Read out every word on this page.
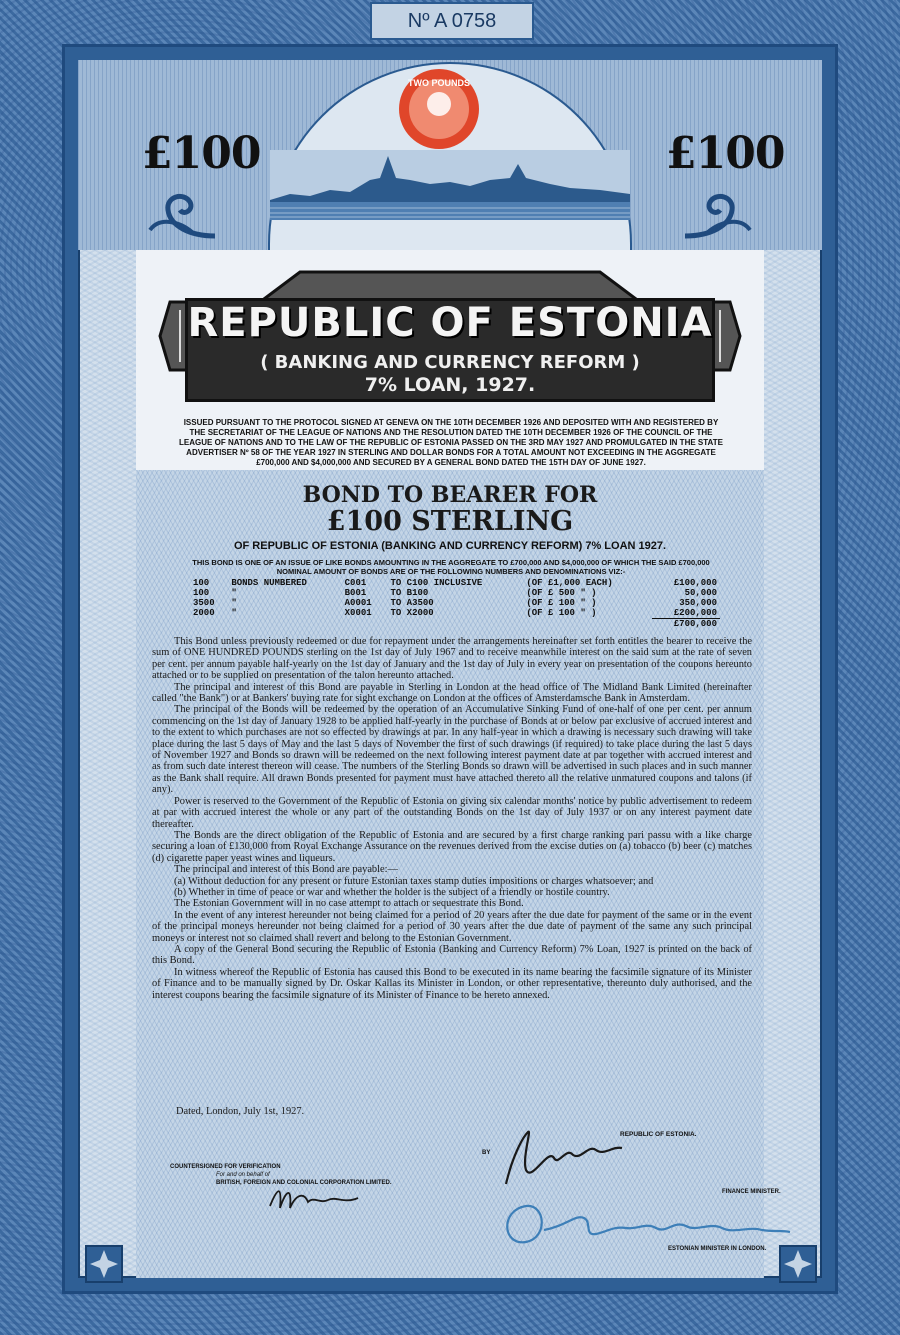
Nº A 0758
£100	£100
TWO POUNDS
REPUBLIC OF ESTONIA
( BANKING AND CURRENCY REFORM )
7% LOAN, 1927.
ISSUED PURSUANT TO THE PROTOCOL SIGNED AT GENEVA ON THE 10TH DECEMBER 1926 AND DEPOSITED WITH AND REGISTERED BY THE SECRETARIAT OF THE LEAGUE OF NATIONS AND THE RESOLUTION DATED THE 10TH DECEMBER 1926 OF THE COUNCIL OF THE LEAGUE OF NATIONS AND TO THE LAW OF THE REPUBLIC OF ESTONIA PASSED ON THE 3RD MAY 1927 AND PROMULGATED IN THE STATE ADVERTISER Nº 58 OF THE YEAR 1927 IN STERLING AND DOLLAR BONDS FOR A TOTAL AMOUNT NOT EXCEEDING IN THE AGGREGATE £700,000 AND $4,000,000 AND SECURED BY A GENERAL BOND DATED THE 15TH DAY OF JUNE 1927.
BOND TO BEARER FOR
£100 STERLING
OF REPUBLIC OF ESTONIA (BANKING AND CURRENCY REFORM) 7% LOAN 1927.
THIS BOND IS ONE OF AN ISSUE OF LIKE BONDS AMOUNTING IN THE AGGREGATE TO £700,000 AND $4,000,000 OF WHICH THE SAID £700,000 NOMINAL AMOUNT OF BONDS ARE OF THE FOLLOWING NUMBERS AND DENOMINATIONS VIZ:-
100	BONDS NUMBERED	C001	TO C100 INCLUSIVE	(OF £1,000 EACH)	£100,000
100	"	B001	TO B100	(OF £ 500 " )	50,000
3500	"	A0001	TO A3500	(OF £ 100 " )	350,000
2000	"	X0001	TO X2000	(OF £ 100 " )	£200,000
					£700,000

This Bond unless previously redeemed or due for repayment under the arrangements hereinafter set forth entitles the bearer to receive the sum of ONE HUNDRED POUNDS sterling on the 1st day of July 1967 and to receive meanwhile interest on the said sum at the rate of seven per cent. per annum payable half-yearly on the 1st day of January and the 1st day of July in every year on presentation of the coupons hereunto attached or to be supplied on presentation of the talon hereunto attached.

The principal and interest of this Bond are payable in Sterling in London at the head office of The Midland Bank Limited (hereinafter called "the Bank") or at Bankers' buying rate for sight exchange on London at the offices of Amsterdamsche Bank in Amsterdam.

The principal of the Bonds will be redeemed by the operation of an Accumulative Sinking Fund of one-half of one per cent. per annum commencing on the 1st day of January 1928 to be applied half-yearly in the purchase of Bonds at or below par exclusive of accrued interest and to the extent to which purchases are not so effected by drawings at par. In any half-year in which a drawing is necessary such drawing will take place during the last 5 days of May and the last 5 days of November the first of such drawings (if required) to take place during the last 5 days of November 1927 and Bonds so drawn will be redeemed on the next following interest payment date at par together with accrued interest and as from such date interest thereon will cease. The numbers of the Sterling Bonds so drawn will be advertised in such places and in such manner as the Bank shall require. All drawn Bonds presented for payment must have attached thereto all the relative unmatured coupons and talons (if any).

Power is reserved to the Government of the Republic of Estonia on giving six calendar months' notice by public advertisement to redeem at par with accrued interest the whole or any part of the outstanding Bonds on the 1st day of July 1937 or on any interest payment date thereafter.

The Bonds are the direct obligation of the Republic of Estonia and are secured by a first charge ranking pari passu with a like charge securing a loan of £130,000 from Royal Exchange Assurance on the revenues derived from the excise duties on (a) tobacco (b) beer (c) matches (d) cigarette paper yeast wines and liqueurs.

The principal and interest of this Bond are payable:—

(a) Without deduction for any present or future Estonian taxes stamp duties impositions or charges whatsoever; and

(b) Whether in time of peace or war and whether the holder is the subject of a friendly or hostile country.

The Estonian Government will in no case attempt to attach or sequestrate this Bond.

In the event of any interest hereunder not being claimed for a period of 20 years after the due date for payment of the same or in the event of the principal moneys hereunder not being claimed for a period of 30 years after the due date of payment of the same any such principal moneys or interest not so claimed shall revert and belong to the Estonian Government.

A copy of the General Bond securing the Republic of Estonia (Banking and Currency Reform) 7% Loan, 1927 is printed on the back of this Bond.

In witness whereof the Republic of Estonia has caused this Bond to be executed in its name bearing the facsimile signature of its Minister of Finance and to be manually signed by Dr. Oskar Kallas its Minister in London, or other representative, thereunto duly authorised, and the interest coupons bearing the facsimile signature of its Minister of Finance to be hereto annexed.

Dated, London, July 1st, 1927.
REPUBLIC OF ESTONIA.
BY
COUNTERSIGNED FOR VERIFICATION
For and on behalf of
BRITISH, FOREIGN AND COLONIAL CORPORATION LIMITED.
FINANCE MINISTER.
ESTONIAN MINISTER IN LONDON.
